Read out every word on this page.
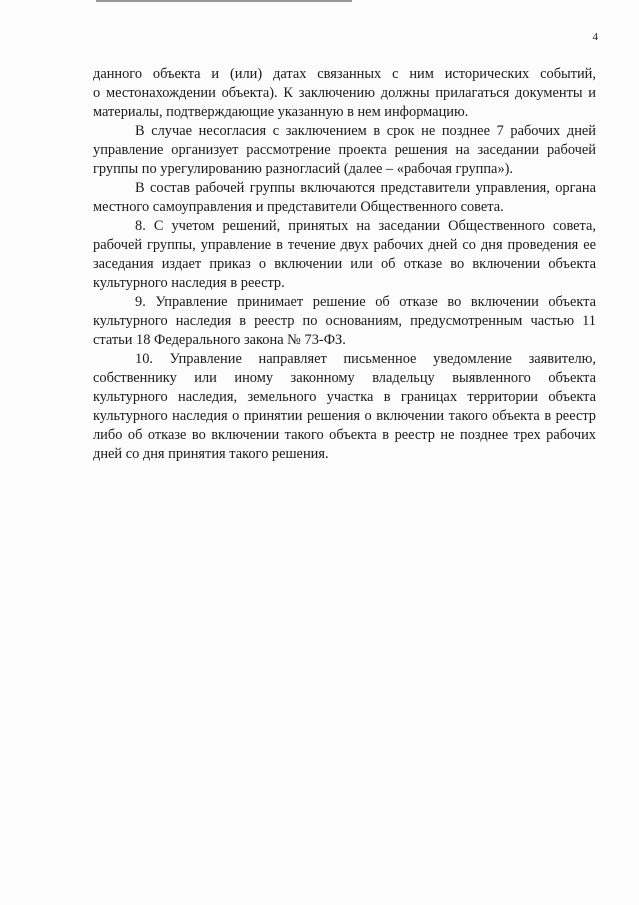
4
данного объекта и (или) датах связанных с ним исторических событий,
о местонахождении объекта). К заключению должны прилагаться документы и
материалы, подтверждающие указанную в нем информацию.
В случае несогласия с заключением в срок не позднее 7 рабочих дней
управление организует рассмотрение проекта решения на заседании рабочей
группы по урегулированию разногласий (далее – «рабочая группа»).
В состав рабочей группы включаются представители управления, органа
местного самоуправления и представители Общественного совета.
8. С учетом решений, принятых на заседании Общественного совета,
рабочей группы, управление в течение двух рабочих дней со дня проведения ее
заседания издает приказ о включении или об отказе во включении объекта
культурного наследия в реестр.
9. Управление принимает решение об отказе во включении объекта
культурного наследия в реестр по основаниям, предусмотренным частью 11
статьи 18 Федерального закона № 73-ФЗ.
10. Управление направляет письменное уведомление заявителю,
собственнику или иному законному владельцу выявленного объекта
культурного наследия, земельного участка в границах территории объекта
культурного наследия о принятии решения о включении такого объекта в реестр
либо об отказе во включении такого объекта в реестр не позднее трех рабочих
дней со дня принятия такого решения.
